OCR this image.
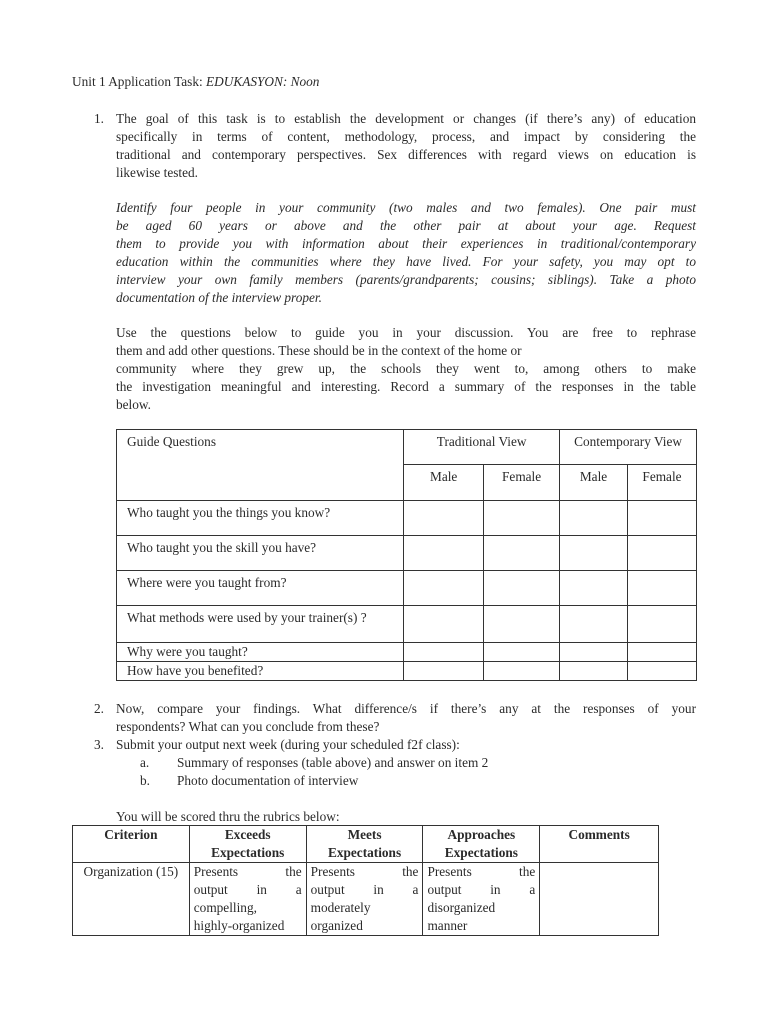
Unit 1 Application Task: EDUKASYON: Noon
1. The goal of this task is to establish the development or changes (if there’s any) of education
specifically in terms of content, methodology, process, and impact by considering the
traditional and contemporary perspectives. Sex differences with regard views on education is
likewise tested.
Identify four people in your community (two males and two females). One pair must
be aged 60 years or above and the other pair at about your age. Request
them to provide you with information about their experiences in traditional/contemporary
education within the communities where they have lived. For your safety, you may opt to
interview your own family members (parents/grandparents; cousins; siblings). Take a photo
documentation of the interview proper.
Use the questions below to guide you in your discussion. You are free to rephrase
them and add other questions. These should be in the context of the home or
community where they grew up, the schools they went to, among others to make
the investigation meaningful and interesting. Record a summary of the responses in the table
below.
Guide Questions	Traditional View		Contemporary View	
	Male	Female	Male	Female
Who taught you the things you know?				
Who taught you the skill you have?				
Where were you taught from?				
What methods were used by your trainer(s) ?				
Why were you taught?				
How have you benefited?				
2. Now, compare your findings. What difference/s if there’s any at the responses of your
respondents? What can you conclude from these?
3. Submit your output next week (during your scheduled f2f class):
a. Summary of responses (table above) and answer on item 2
b. Photo documentation of interview
You will be scored thru the rubrics below:
Criterion	Exceeds Expectations	Meets Expectations	Approaches Expectations	Comments
Organization (15)	Presents the
output in a
compelling,
highly-organized	Presents the
output in a
moderately
organized	Presents the
output in a
disorganized
manner	
